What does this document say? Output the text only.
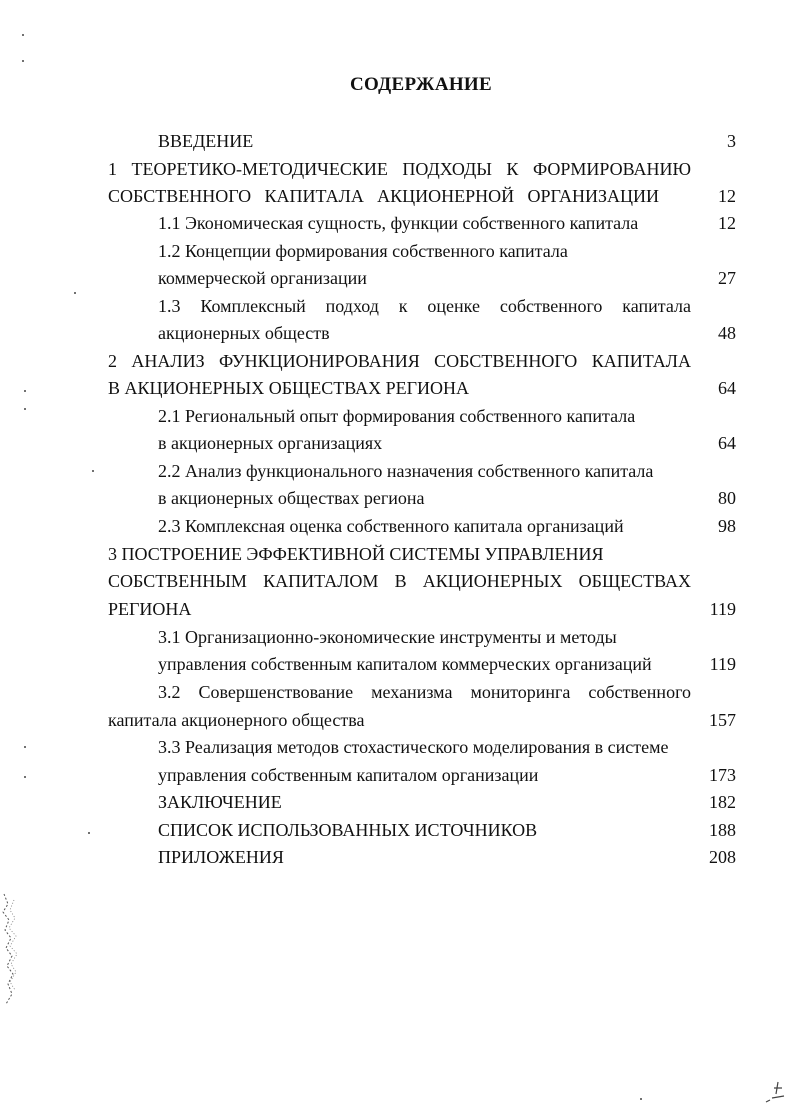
СОДЕРЖАНИЕ
ВВЕДЕНИЕ	3
1 ТЕОРЕТИКО-МЕТОДИЧЕСКИЕ ПОДХОДЫ К ФОРМИРОВАНИЮ
СОБСТВЕННОГО КАПИТАЛА АКЦИОНЕРНОЙ ОРГАНИЗАЦИИ	12
1.1 Экономическая сущность, функции собственного капитала	12
1.2 Концепции формирования собственного капитала
коммерческой организации	27
1.3 Комплексный подход к оценке собственного капитала
акционерных обществ	48
2 АНАЛИЗ ФУНКЦИОНИРОВАНИЯ СОБСТВЕННОГО КАПИТАЛА
В АКЦИОНЕРНЫХ ОБЩЕСТВАХ РЕГИОНА	64
2.1 Региональный опыт формирования собственного капитала
в акционерных организациях	64
2.2 Анализ функционального назначения собственного капитала
в акционерных обществах региона	80
2.3 Комплексная оценка собственного капитала организаций	98
3 ПОСТРОЕНИЕ ЭФФЕКТИВНОЙ СИСТЕМЫ УПРАВЛЕНИЯ
СОБСТВЕННЫМ КАПИТАЛОМ В АКЦИОНЕРНЫХ ОБЩЕСТВАХ
РЕГИОНА	119
3.1 Организационно-экономические инструменты и методы
управления собственным капиталом коммерческих организаций	119
3.2 Совершенствование механизма мониторинга собственного
капитала акционерного общества	157
3.3 Реализация методов стохастического моделирования в системе
управления собственным капиталом организации	173
ЗАКЛЮЧЕНИЕ	182
СПИСОК ИСПОЛЬЗОВАННЫХ ИСТОЧНИКОВ	188
ПРИЛОЖЕНИЯ	208
